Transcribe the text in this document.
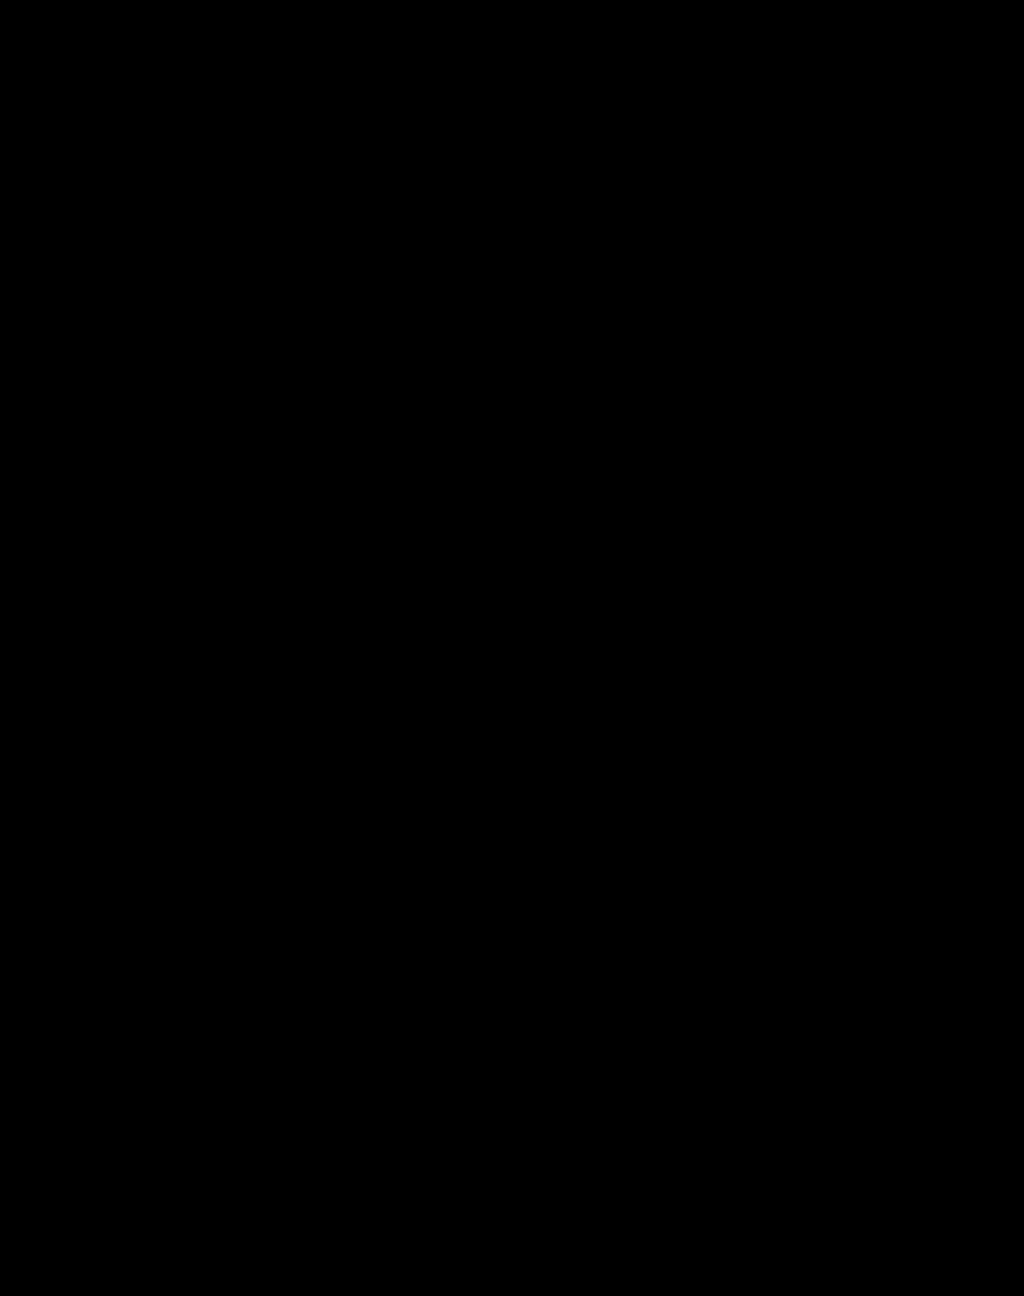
•	Mba’épa oikoteve productorkuéra ojapo hagua hembi’ura.
•	Mba’e téra oguereko pe red alimentariape umi mymba okarúva
ka’avo rehe.
4. Ajapo peteĩ red trófica ahechaukahápe umi componente
oguerekóva.
•	Amboysyi umi componente oĩva primer nivel tróficope.
•	Amohenda peteĩ red tróficape ko’a tekove: Lechuga, yso, ryguasu,
kururu, mberu, aguara, yryvu guasu.
5. Jaheka página escolar, revista, tera ambuekuera
kuatiahaípe, marandu red trófica rehegua.
•	Ñaikytĩ momarandukuéra.
•	Momarandu ñamoĩ carpetape.
•	Ahechauka ha amombe’u che irunguérape che rembiapo ha upéi
amohenda upe carpeta rincón Ciencias Naturales rehegua.
Mbo’epy aty III: Tekoha
1
